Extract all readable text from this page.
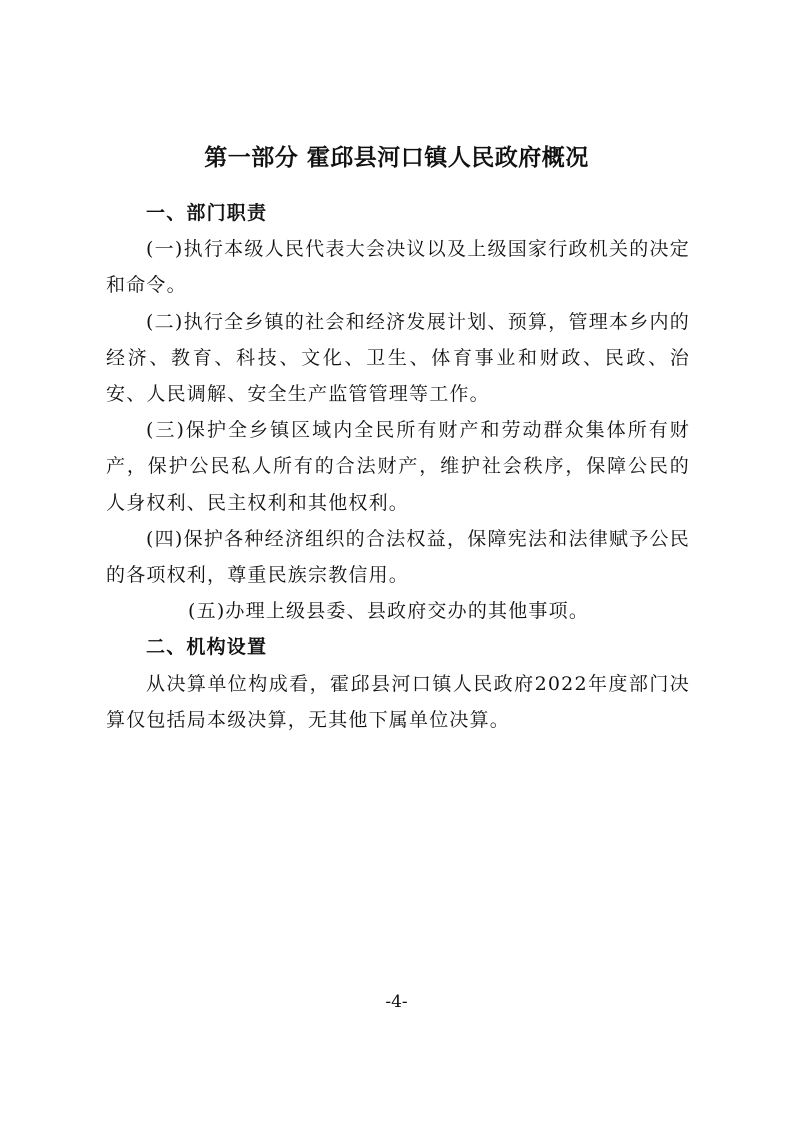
第一部分 霍邱县河口镇人民政府概况

一、部门职责

(一)执行本级人民代表大会决议以及上级国家行政机关的决定和命令。

(二)执行全乡镇的社会和经济发展计划、预算，管理本乡内的经济、教育、科技、文化、卫生、体育事业和财政、民政、治安、人民调解、安全生产监管管理等工作。

(三)保护全乡镇区域内全民所有财产和劳动群众集体所有财产，保护公民私人所有的合法财产，维护社会秩序，保障公民的人身权利、民主权利和其他权利。

(四)保护各种经济组织的合法权益，保障宪法和法律赋予公民的各项权利，尊重民族宗教信用。

(五)办理上级县委、县政府交办的其他事项。

二、机构设置

从决算单位构成看，霍邱县河口镇人民政府2022年度部门决算仅包括局本级决算，无其他下属单位决算。

-4-
